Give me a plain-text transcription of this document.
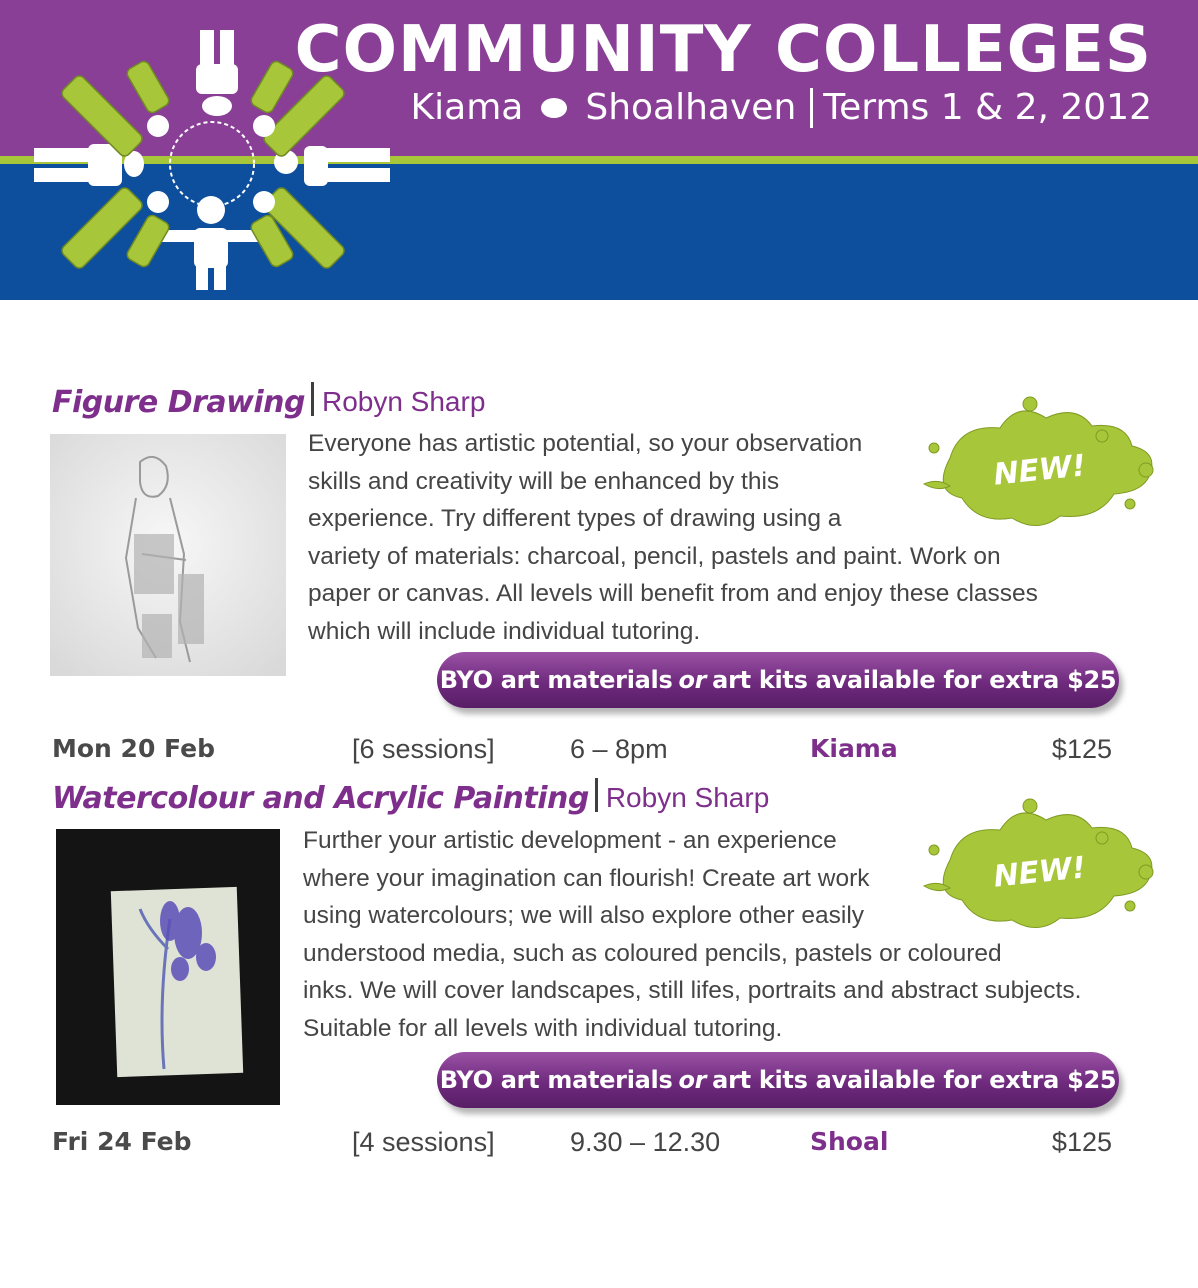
COMMUNITY COLLEGES
Kiama Shoalhaven Terms 1 & 2, 2012
Figure Drawing Robyn Sharp
Everyone has artistic potential, so your observation
skills and creativity will be enhanced by this
experience. Try different types of drawing using a
variety of materials: charcoal, pencil, pastels and paint. Work on
paper or canvas. All levels will benefit from and enjoy these classes
which will include individual tutoring.
NEW!
BYO art materials or art kits available for extra $25
Mon 20 Feb	[6 sessions]	6 – 8pm	Kiama	$125
Watercolour and Acrylic Painting Robyn Sharp
Further your artistic development - an experience
where your imagination can flourish! Create art work
using watercolours; we will also explore other easily
understood media, such as coloured pencils, pastels or coloured
inks. We will cover landscapes, still lifes, portraits and abstract subjects.
Suitable for all levels with individual tutoring.
NEW!
BYO art materials or art kits available for extra $25
Fri 24 Feb	[4 sessions]	9.30 – 12.30	Shoal	$125
